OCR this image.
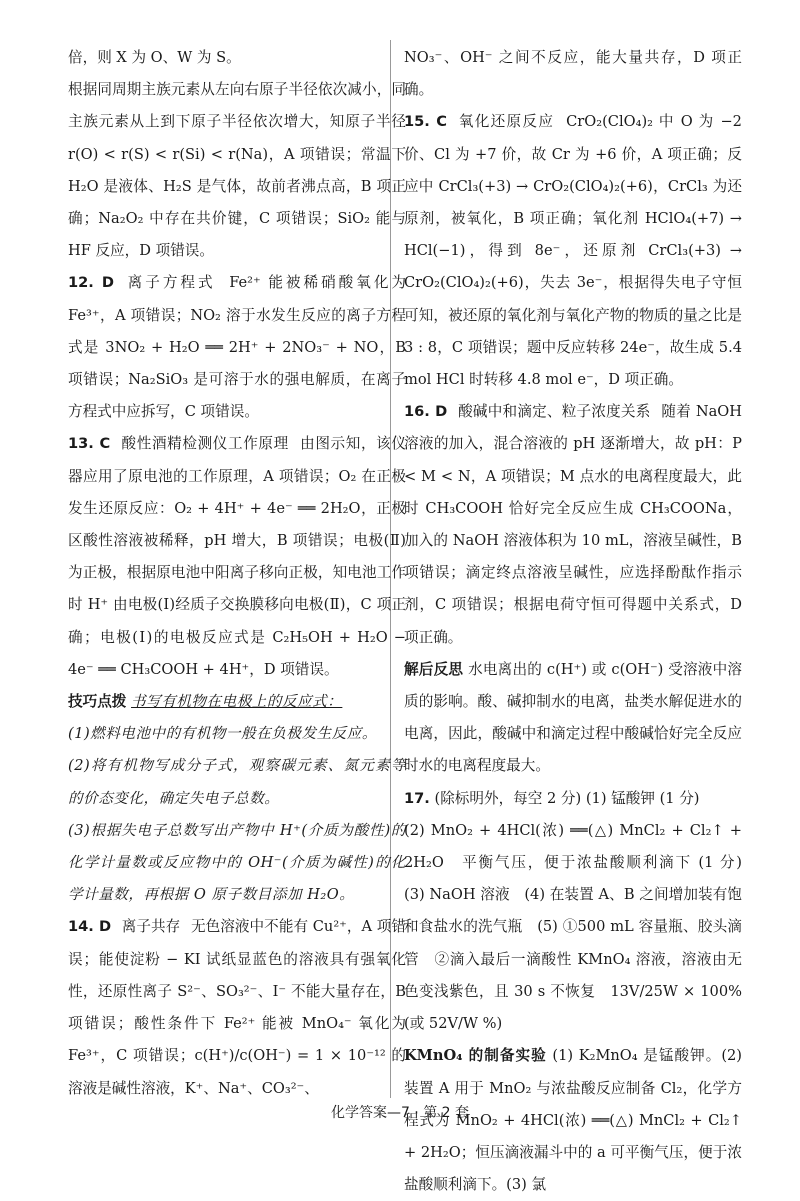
倍，则 X 为 O、W 为 S。

根据同周期主族元素从左向右原子半径依次减小，同主族元素从上到下原子半径依次增大，知原子半径 r(O) < r(S) < r(Si) < r(Na)，A 项错误；常温下 H₂O 是液体、H₂S 是气体，故前者沸点高，B 项正确；Na₂O₂ 中存在共价键，C 项错误；SiO₂ 能与 HF 反应，D 项错误。

12. D 离子方程式 Fe²⁺ 能被稀硝酸氧化为 Fe³⁺，A 项错误；NO₂ 溶于水发生反应的离子方程式是 3NO₂ + H₂O ══ 2H⁺ + 2NO₃⁻ + NO，B 项错误；Na₂SiO₃ 是可溶于水的强电解质，在离子方程式中应拆写，C 项错误。

13. C 酸性酒精检测仪工作原理 由图示知，该仪器应用了原电池的工作原理，A 项错误；O₂ 在正极发生还原反应：O₂ + 4H⁺ + 4e⁻ ══ 2H₂O，正极区酸性溶液被稀释，pH 增大，B 项错误；电极(Ⅱ)为正极，根据原电池中阳离子移向正极，知电池工作时 H⁺ 由电极(Ⅰ)经质子交换膜移向电极(Ⅱ)，C 项正确；电极(Ⅰ)的电极反应式是 C₂H₅OH + H₂O − 4e⁻ ══ CH₃COOH + 4H⁺，D 项错误。

技巧点拨 书写有机物在电极上的反应式：

(1)燃料电池中的有机物一般在负极发生反应。

(2)将有机物写成分子式，观察碳元素、氮元素等的价态变化，确定失电子总数。

(3)根据失电子总数写出产物中 H⁺(介质为酸性)的化学计量数或反应物中的 OH⁻(介质为碱性)的化学计量数，再根据 O 原子数目添加 H₂O。

14. D 离子共存 无色溶液中不能有 Cu²⁺，A 项错误；能使淀粉 − KI 试纸显蓝色的溶液具有强氧化性，还原性离子 S²⁻、SO₃²⁻、I⁻ 不能大量存在，B 项错误；酸性条件下 Fe²⁺ 能被 MnO₄⁻ 氧化为 Fe³⁺，C 项错误；c(H⁺)/c(OH⁻) = 1 × 10⁻¹² 的溶液是碱性溶液，K⁺、Na⁺、CO₃²⁻、

NO₃⁻、OH⁻ 之间不反应，能大量共存，D 项正确。

15. C 氧化还原反应 CrO₂(ClO₄)₂ 中 O 为 −2 价、Cl 为 +7 价，故 Cr 为 +6 价，A 项正确；反应中 CrCl₃(+3) → CrO₂(ClO₄)₂(+6)，CrCl₃ 为还原剂，被氧化，B 项正确；氧化剂 HClO₄(+7) → HCl(−1)，得到 8e⁻，还原剂 CrCl₃(+3) → CrO₂(ClO₄)₂(+6)，失去 3e⁻，根据得失电子守恒可知，被还原的氧化剂与氧化产物的物质的量之比是 3 : 8，C 项错误；题中反应转移 24e⁻，故生成 5.4 mol HCl 时转移 4.8 mol e⁻，D 项正确。

16. D 酸碱中和滴定、粒子浓度关系 随着 NaOH 溶液的加入，混合溶液的 pH 逐渐增大，故 pH：P < M < N，A 项错误；M 点水的电离程度最大，此时 CH₃COOH 恰好完全反应生成 CH₃COONa，加入的 NaOH 溶液体积为 10 mL，溶液呈碱性，B 项错误；滴定终点溶液呈碱性，应选择酚酞作指示剂，C 项错误；根据电荷守恒可得题中关系式，D 项正确。

解后反思 水电离出的 c(H⁺) 或 c(OH⁻) 受溶液中溶质的影响。酸、碱抑制水的电离，盐类水解促进水的电离，因此，酸碱中和滴定过程中酸碱恰好完全反应时水的电离程度最大。

17. (除标明外，每空 2 分) (1) 锰酸钾 (1 分)

(2) MnO₂ + 4HCl(浓) ══(△) MnCl₂ + Cl₂↑ + 2H₂O　平衡气压，便于浓盐酸顺利滴下 (1 分)　(3) NaOH 溶液　(4) 在装置 A、B 之间增加装有饱和食盐水的洗气瓶　(5) ①500 mL 容量瓶、胶头滴管　②滴入最后一滴酸性 KMnO₄ 溶液，溶液由无色变浅紫色，且 30 s 不恢复　13V/25W × 100% (或 52V/W %)

KMnO₄ 的制备实验 (1) K₂MnO₄ 是锰酸钾。(2) 装置 A 用于 MnO₂ 与浓盐酸反应制备 Cl₂，化学方程式为 MnO₂ + 4HCl(浓) ══(△) MnCl₂ + Cl₂↑ + 2H₂O；恒压滴液漏斗中的 a 可平衡气压，便于浓盐酸顺利滴下。(3) 氯

化学答案—7 · 第 2 套
